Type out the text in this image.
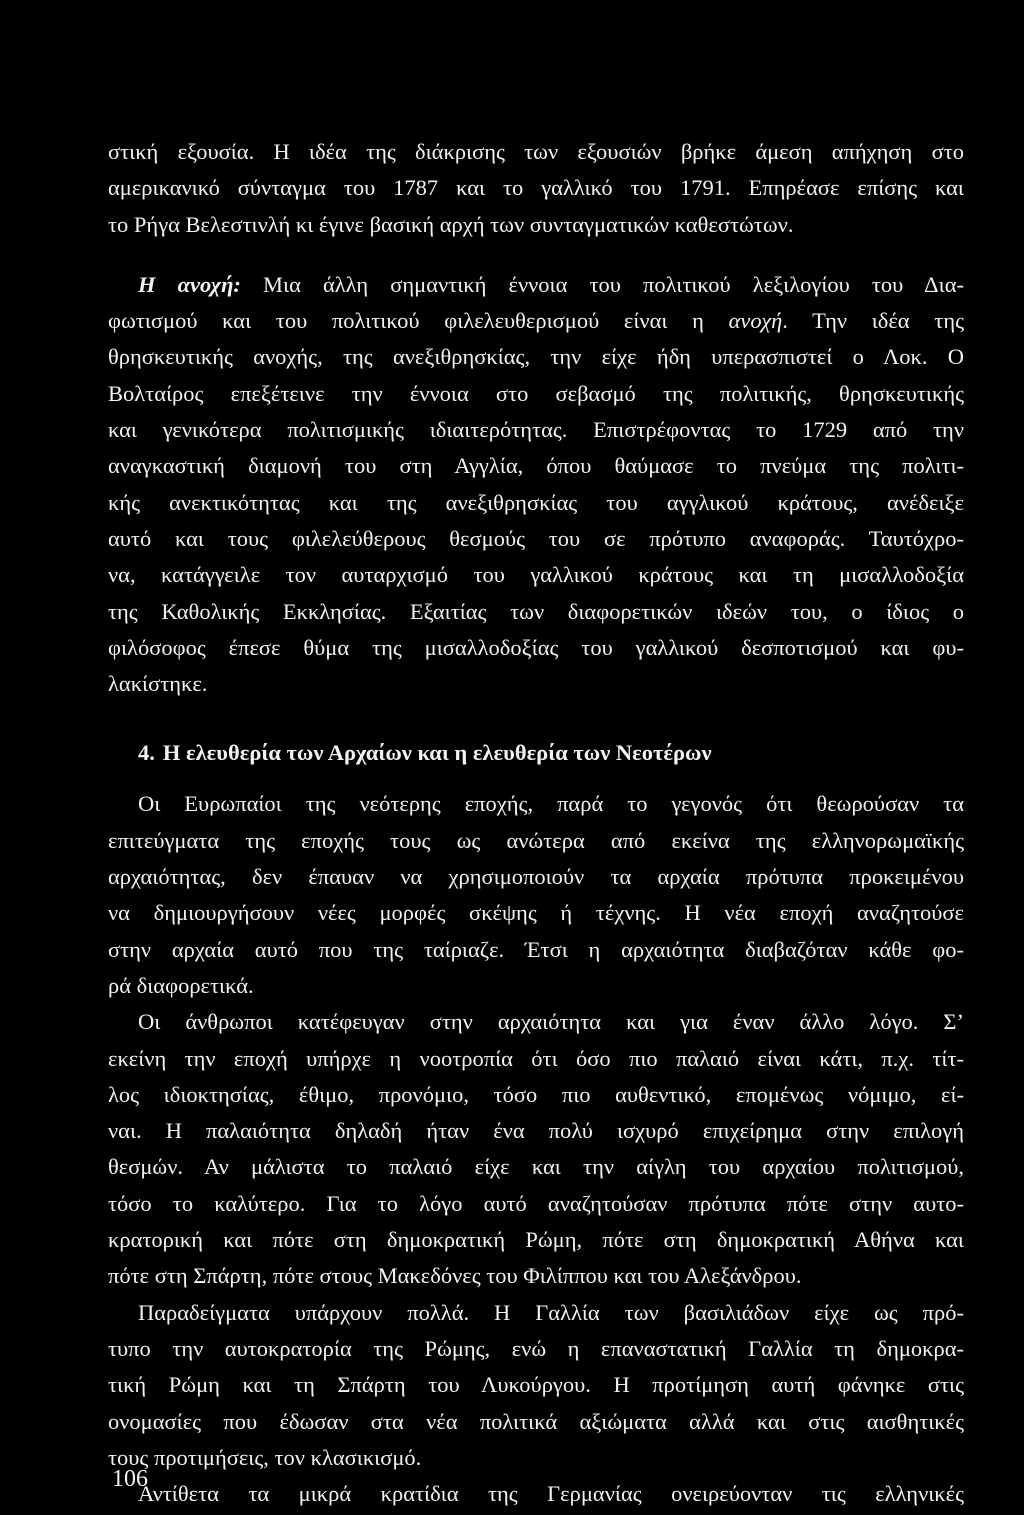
στική εξουσία. Η ιδέα της διάκρισης των εξουσιών βρήκε άμεση απήχηση στο
αμερικανικό σύνταγμα του 1787 και το γαλλικό του 1791. Επηρέασε επίσης και
το Ρήγα Βελεστινλή κι έγινε βασική αρχή των συνταγματικών καθεστώτων.
Η ανοχή: Μια άλλη σημαντική έννοια του πολιτικού λεξιλογίου του Δια-
φωτισμού και του πολιτικού φιλελευθερισμού είναι η ανοχή. Την ιδέα της
θρησκευτικής ανοχής, της ανεξιθρησκίας, την είχε ήδη υπερασπιστεί ο Λοκ. Ο
Βολταίρος επεξέτεινε την έννοια στο σεβασμό της πολιτικής, θρησκευτικής
και γενικότερα πολιτισμικής ιδιαιτερότητας. Επιστρέφοντας το 1729 από την
αναγκαστική διαμονή του στη Αγγλία, όπου θαύμασε το πνεύμα της πολιτι-
κής ανεκτικότητας και της ανεξιθρησκίας του αγγλικού κράτους, ανέδειξε
αυτό και τους φιλελεύθερους θεσμούς του σε πρότυπο αναφοράς. Ταυτόχρο-
να, κατάγγειλε τον αυταρχισμό του γαλλικού κράτους και τη μισαλλοδοξία
της Καθολικής Εκκλησίας. Εξαιτίας των διαφορετικών ιδεών του, ο ίδιος ο
φιλόσοφος έπεσε θύμα της μισαλλοδοξίας του γαλλικού δεσποτισμού και φυ-
λακίστηκε.
4. Η ελευθερία των Αρχαίων και η ελευθερία των Νεοτέρων
Οι Ευρωπαίοι της νεότερης εποχής, παρά το γεγονός ότι θεωρούσαν τα
επιτεύγματα της εποχής τους ως ανώτερα από εκείνα της ελληνορωμαϊκής
αρχαιότητας, δεν έπαυαν να χρησιμοποιούν τα αρχαία πρότυπα προκειμένου
να δημιουργήσουν νέες μορφές σκέψης ή τέχνης. Η νέα εποχή αναζητούσε
στην αρχαία αυτό που της ταίριαζε. Έτσι η αρχαιότητα διαβαζόταν κάθε φο-
ρά διαφορετικά.
Οι άνθρωποι κατέφευγαν στην αρχαιότητα και για έναν άλλο λόγο. Σ’
εκείνη την εποχή υπήρχε η νοοτροπία ότι όσο πιο παλαιό είναι κάτι, π.χ. τίτ-
λος ιδιοκτησίας, έθιμο, προνόμιο, τόσο πιο αυθεντικό, επομένως νόμιμο, εί-
ναι. Η παλαιότητα δηλαδή ήταν ένα πολύ ισχυρό επιχείρημα στην επιλογή
θεσμών. Αν μάλιστα το παλαιό είχε και την αίγλη του αρχαίου πολιτισμού,
τόσο το καλύτερο. Για το λόγο αυτό αναζητούσαν πρότυπα πότε στην αυτο-
κρατορική και πότε στη δημοκρατική Ρώμη, πότε στη δημοκρατική Αθήνα και
πότε στη Σπάρτη, πότε στους Μακεδόνες του Φιλίππου και του Αλεξάνδρου.
Παραδείγματα υπάρχουν πολλά. Η Γαλλία των βασιλιάδων είχε ως πρό-
τυπο την αυτοκρατορία της Ρώμης, ενώ η επαναστατική Γαλλία τη δημοκρα-
τική Ρώμη και τη Σπάρτη του Λυκούργου. Η προτίμηση αυτή φάνηκε στις
ονομασίες που έδωσαν στα νέα πολιτικά αξιώματα αλλά και στις αισθητικές
τους προτιμήσεις, τον κλασικισμό.
Αντίθετα τα μικρά κρατίδια της Γερμανίας ονειρεύονταν τις ελληνικές
106
